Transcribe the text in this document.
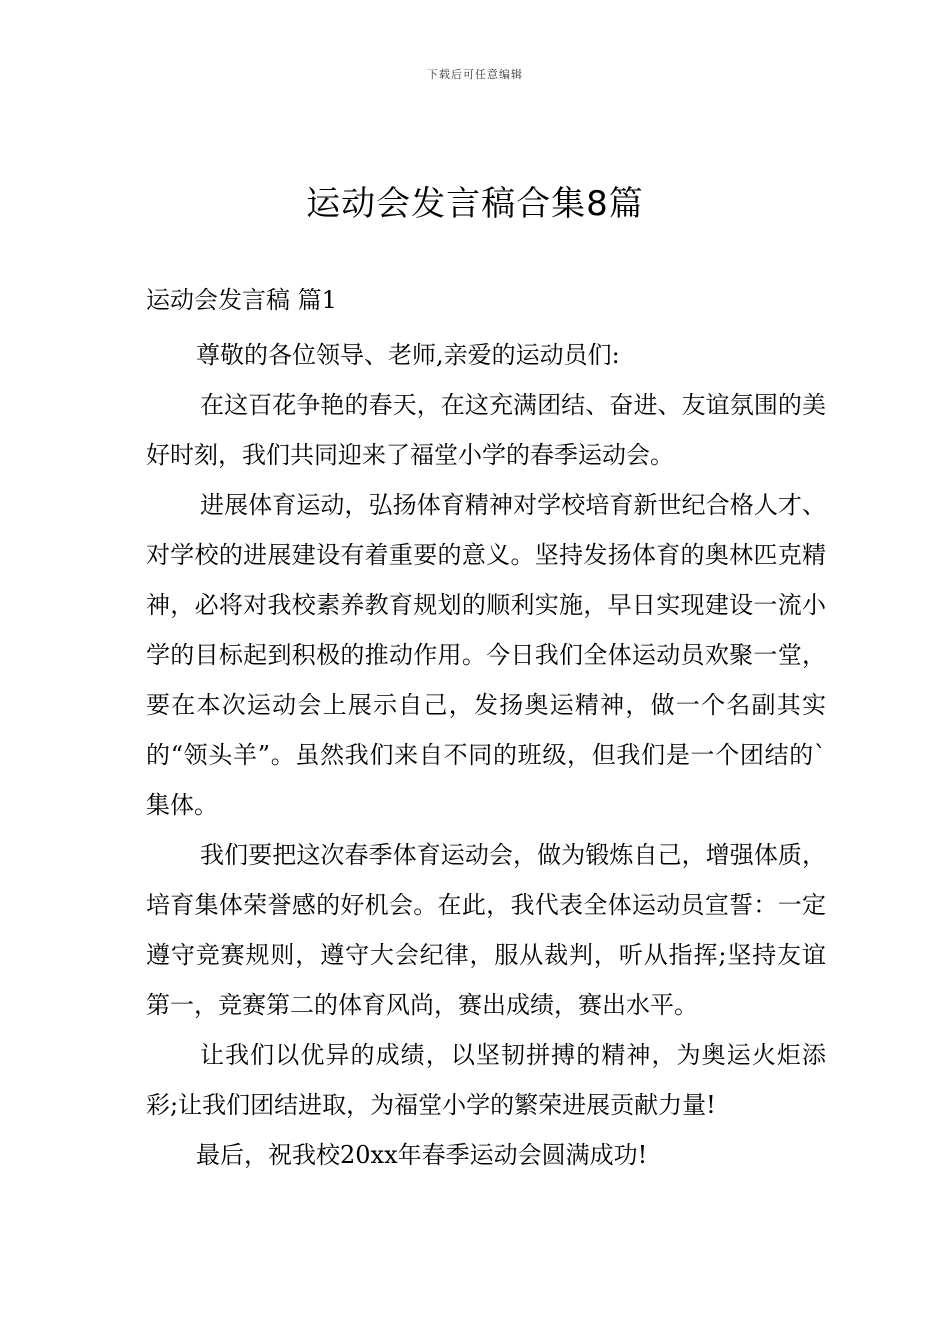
下载后可任意编辑
运动会发言稿合集8篇
运动会发言稿 篇1

尊敬的各位领导、老师,亲爱的运动员们:

在这百花争艳的春天，在这充满团结、奋进、友谊氛围的美好时刻，我们共同迎来了福堂小学的春季运动会。

进展体育运动，弘扬体育精神对学校培育新世纪合格人才、对学校的进展建设有着重要的意义。坚持发扬体育的奥林匹克精神，必将对我校素养教育规划的顺利实施，早日实现建设一流小学的目标起到积极的推动作用。今日我们全体运动员欢聚一堂，要在本次运动会上展示自己，发扬奥运精神，做一个名副其实的“领头羊”。虽然我们来自不同的班级，但我们是一个团结的`集体。

我们要把这次春季体育运动会，做为锻炼自己，增强体质，培育集体荣誉感的好机会。在此，我代表全体运动员宣誓：一定遵守竞赛规则，遵守大会纪律，服从裁判，听从指挥;坚持友谊第一，竞赛第二的体育风尚，赛出成绩，赛出水平。

让我们以优异的成绩，以坚韧拼搏的精神，为奥运火炬添彩;让我们团结进取，为福堂小学的繁荣进展贡献力量!

最后，祝我校20xx年春季运动会圆满成功!
